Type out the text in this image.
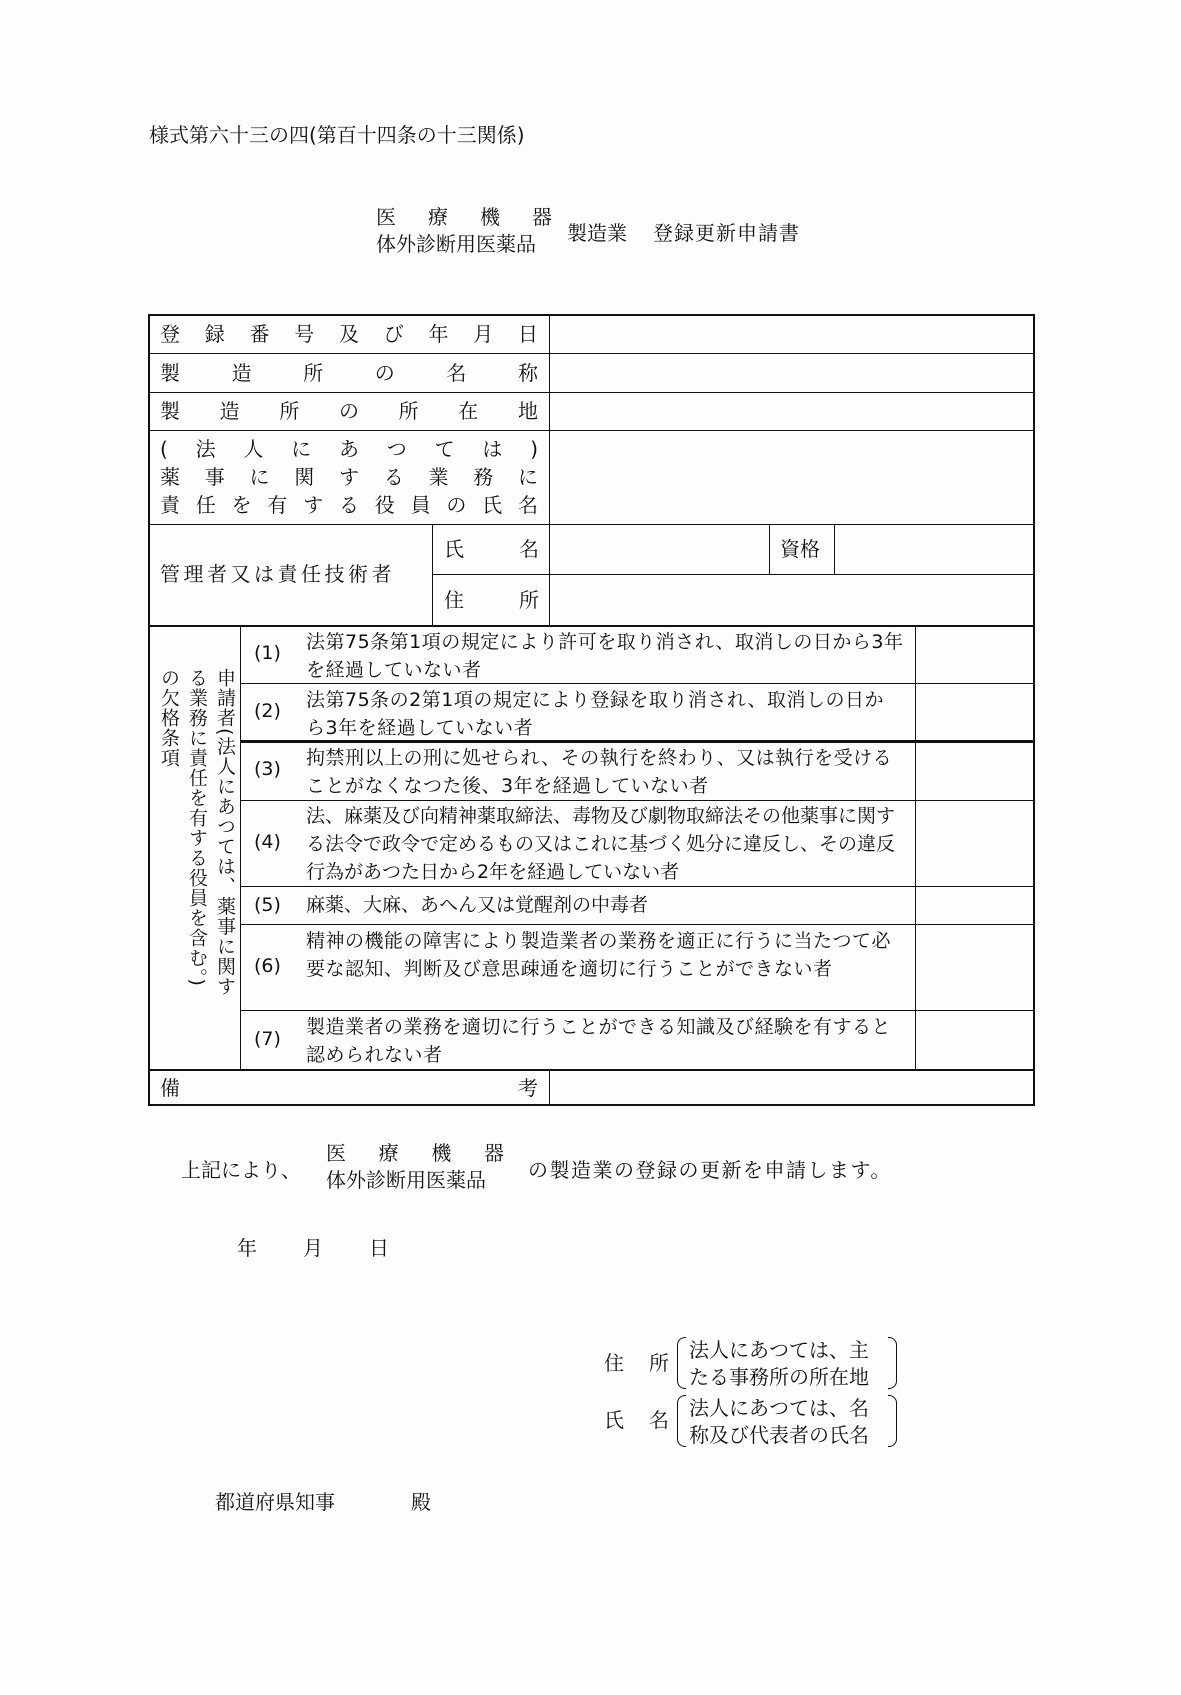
様式第六十三の四(第百十四条の十三関係)
医 療 機 器
体外診断用医薬品	製造業 登録更新申請書
登 録 番 号 及 び 年 月 日
製	造	所	の	名	称
製 造 所 の 所 在 地
( 法 人 に あ つ て は )
薬 事 に 関 す る 業 務 に
責 任 を 有 す る 役 員 の 氏 名
管理者又は責任技術者
氏	名	資格
住	所
申請者(法人にあつては、薬事に関す
る業務に責任を有する役員を含む。)
の欠格条項
(1) 法第75条第1項の規定により許可を取り消され、取消しの日から3年を経過していない者
(2) 法第75条の2第1項の規定により登録を取り消され、取消しの日から3年を経過していない者
(3) 拘禁刑以上の刑に処せられ、その執行を終わり、又は執行を受けることがなくなつた後、3年を経過していない者
(4)
法、麻薬及び向精神薬取締法、毒物及び劇物取締法その他薬事に関する法令で政令で定めるもの又はこれに基づく処分に違反し、その違反行為があつた日から2年を経過していない者
(5) 麻薬、大麻、あへん又は覚醒剤の中毒者
(6)
精神の機能の障害により製造業者の業務を適正に行うに当たつて必要な認知、判断及び意思疎通を適切に行うことができない者
(7)
製造業者の業務を適切に行うことができる知識及び経験を有すると認められない者
備	考
上記により、
医 療 機 器
体外診断用医薬品	の製造業の登録の更新を申請します。
年 月 日
住 所
法人にあつては、主
たる事務所の所在地
氏 名 法人にあつては、名
称及び代表者の氏名
都道府県知事	殿
